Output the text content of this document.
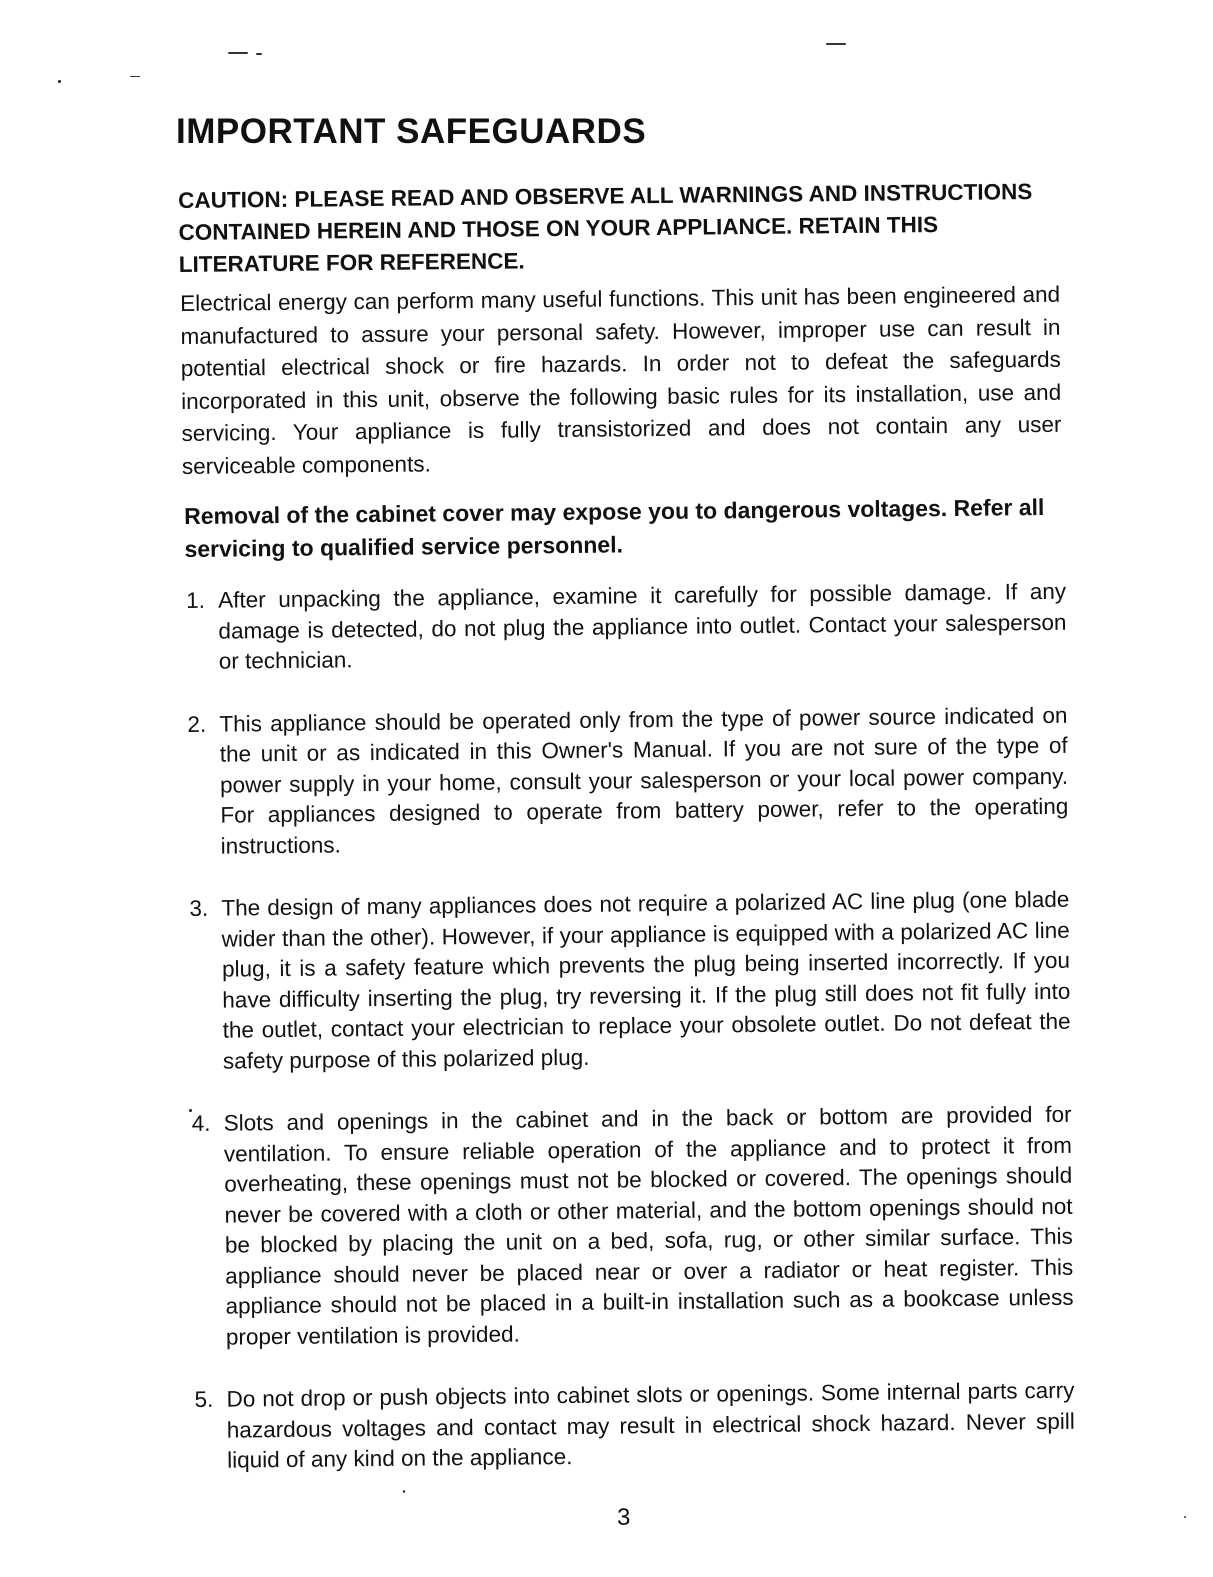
IMPORTANT SAFEGUARDS

CAUTION: PLEASE READ AND OBSERVE ALL WARNINGS AND INSTRUCTIONS CONTAINED HEREIN AND THOSE ON YOUR APPLIANCE. RETAIN THIS LITERATURE FOR REFERENCE.

Electrical energy can perform many useful functions. This unit has been engineered and manufactured to assure your personal safety. However, improper use can result in potential electrical shock or fire hazards. In order not to defeat the safeguards incorporated in this unit, observe the following basic rules for its installation, use and servicing. Your appliance is fully transistorized and does not contain any user serviceable components.

Removal of the cabinet cover may expose you to dangerous voltages. Refer all servicing to qualified service personnel.

1. After unpacking the appliance, examine it carefully for possible damage. If any damage is detected, do not plug the appliance into outlet. Contact your salesperson or technician.
2. This appliance should be operated only from the type of power source indicated on the unit or as indicated in this Owner's Manual. If you are not sure of the type of power supply in your home, consult your salesperson or your local power company. For appliances designed to operate from battery power, refer to the operating instructions.
3. The design of many appliances does not require a polarized AC line plug (one blade wider than the other). However, if your appliance is equipped with a polarized AC line plug, it is a safety feature which prevents the plug being inserted incorrectly. If you have difficulty inserting the plug, try reversing it. If the plug still does not fit fully into the outlet, contact your electrician to replace your obsolete outlet. Do not defeat the safety purpose of this polarized plug.
4. Slots and openings in the cabinet and in the back or bottom are provided for ventilation. To ensure reliable operation of the appliance and to protect it from overheating, these openings must not be blocked or covered. The openings should never be covered with a cloth or other material, and the bottom openings should not be blocked by placing the unit on a bed, sofa, rug, or other similar surface. This appliance should never be placed near or over a radiator or heat register. This appliance should not be placed in a built-in installation such as a bookcase unless proper ventilation is provided.
5. Do not drop or push objects into cabinet slots or openings. Some internal parts carry hazardous voltages and contact may result in electrical shock hazard. Never spill liquid of any kind on the appliance.

3
